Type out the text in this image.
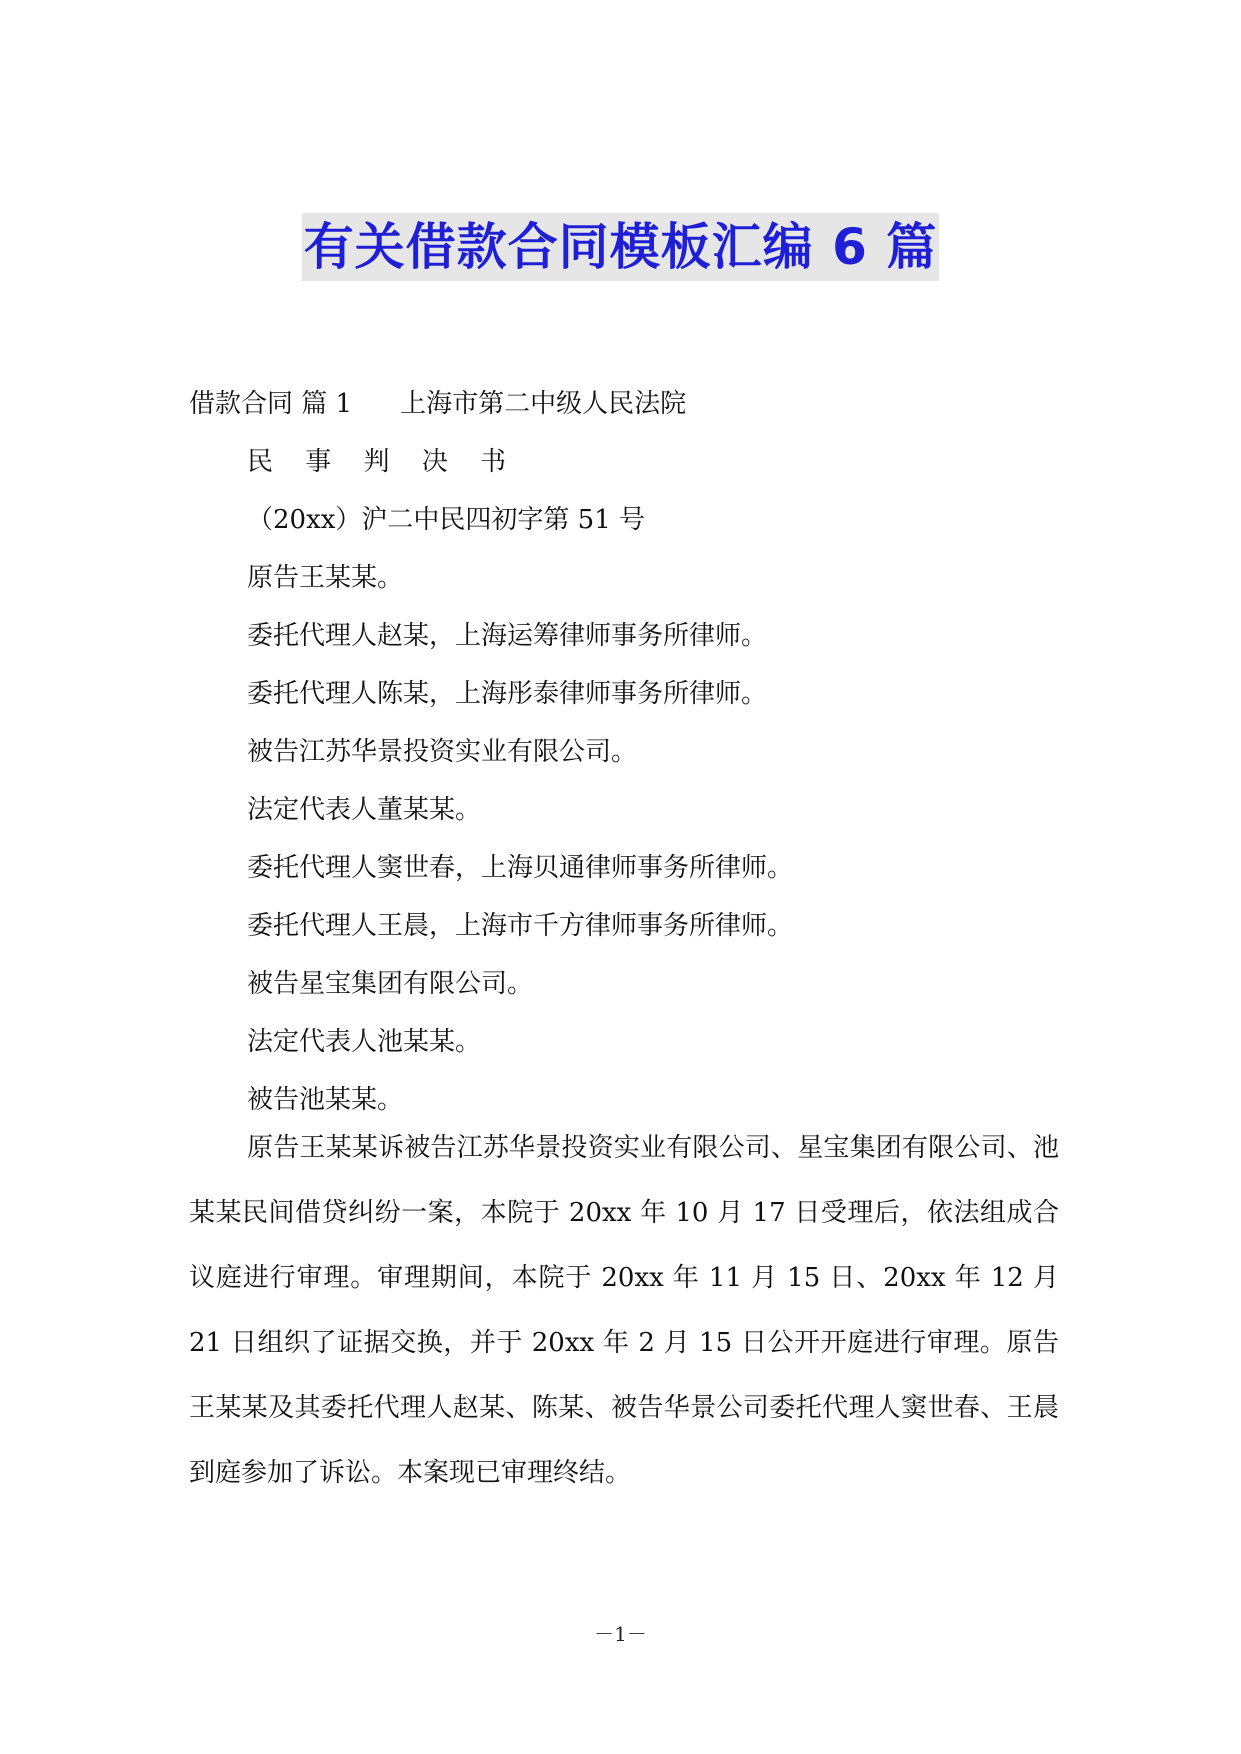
有关借款合同模板汇编 6 篇
借款合同 篇 1 上海市第二中级人民法院
民 事 判 决 书
（20xx）沪二中民四初字第 51 号
原告王某某。
委托代理人赵某，上海运筹律师事务所律师。
委托代理人陈某，上海彤泰律师事务所律师。
被告江苏华景投资实业有限公司。
法定代表人董某某。
委托代理人窦世春，上海贝通律师事务所律师。
委托代理人王晨，上海市千方律师事务所律师。
被告星宝集团有限公司。
法定代表人池某某。
被告池某某。

原告王某某诉被告江苏华景投资实业有限公司、星宝集团有限公司、池某某民间借贷纠纷一案，本院于 20xx 年 10 月 17 日受理后，依法组成合议庭进行审理。审理期间，本院于 20xx 年 11 月 15 日、20xx 年 12 月 21 日组织了证据交换，并于 20xx 年 2 月 15 日公开开庭进行审理。原告王某某及其委托代理人赵某、陈某、被告华景公司委托代理人窦世春、王晨到庭参加了诉讼。本案现已审理终结。

－1－
